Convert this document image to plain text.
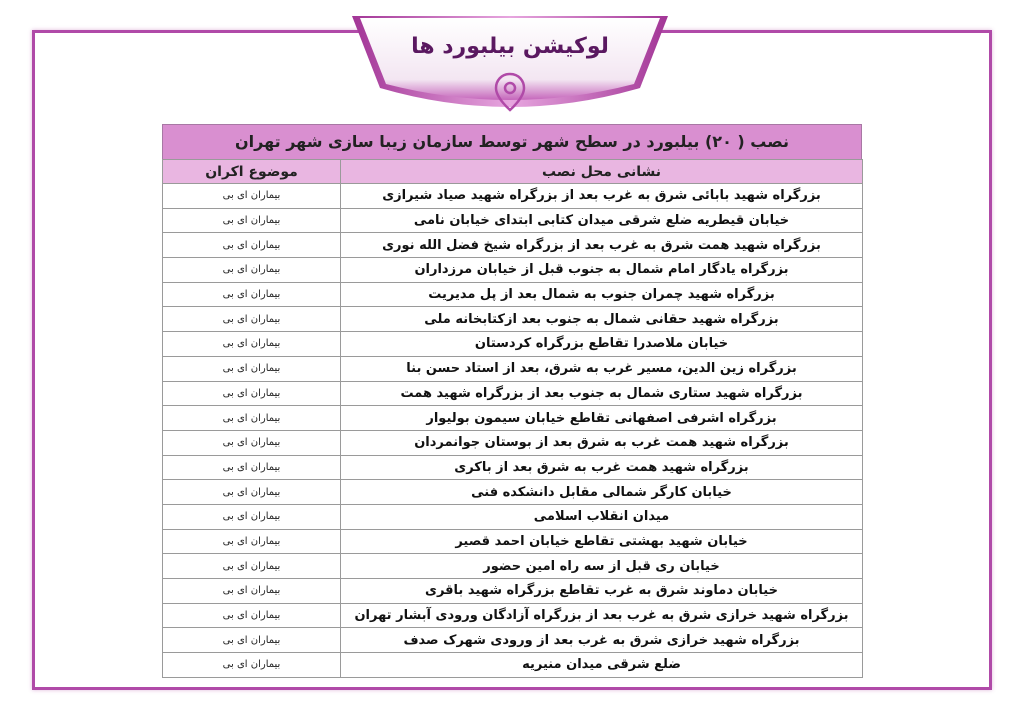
لوکیشن بیلبورد ها
نصب ( ۲۰) بیلبورد در سطح شهر توسط سازمان زیبا سازی شهر تهران
نشانی محل نصب	موضوع اکران
بزرگراه شهید بابائی شرق به غرب بعد از بزرگراه شهید صیاد شیرازی	بیماران ای بی
خیابان قیطریه ضلع شرقی میدان کتابی ابتدای خیابان نامی	بیماران ای بی
بزرگراه شهید همت شرق به غرب بعد از بزرگراه شیخ فضل الله نوری	بیماران ای بی
بزرگراه یادگار امام شمال به جنوب قبل از خیابان مرزداران	بیماران ای بی
بزرگراه شهید چمران جنوب به شمال بعد از پل مدیریت	بیماران ای بی
بزرگراه شهید حقانی شمال به جنوب بعد ازکتابخانه ملی	بیماران ای بی
خیابان ملاصدرا تقاطع بزرگراه کردستان	بیماران ای بی
بزرگراه زین الدین، مسیر غرب به شرق، بعد از استاد حسن بنا	بیماران ای بی
بزرگراه شهید ستاری شمال به جنوب بعد از بزرگراه شهید همت	بیماران ای بی
بزرگراه اشرفی اصفهانی تقاطع خیابان سیمون بولیوار	بیماران ای بی
بزرگراه شهید همت غرب به شرق بعد از بوستان جوانمردان	بیماران ای بی
بزرگراه شهید همت غرب به شرق بعد از باکری	بیماران ای بی
خیابان کارگر شمالی مقابل دانشکده فنی	بیماران ای بی
میدان انقلاب اسلامی	بیماران ای بی
خیابان شهید بهشتی تقاطع خیابان احمد قصیر	بیماران ای بی
خیابان ری قبل از سه راه امین حضور	بیماران ای بی
خیابان دماوند شرق به غرب تقاطع بزرگراه شهید باقری	بیماران ای بی
بزرگراه شهید خرازی شرق به غرب بعد از بزرگراه آزادگان ورودی آبشار تهران	بیماران ای بی
بزرگراه شهید خرازی شرق به غرب بعد از ورودی شهرک صدف	بیماران ای بی
ضلع شرقی میدان منیریه	بیماران ای بی
